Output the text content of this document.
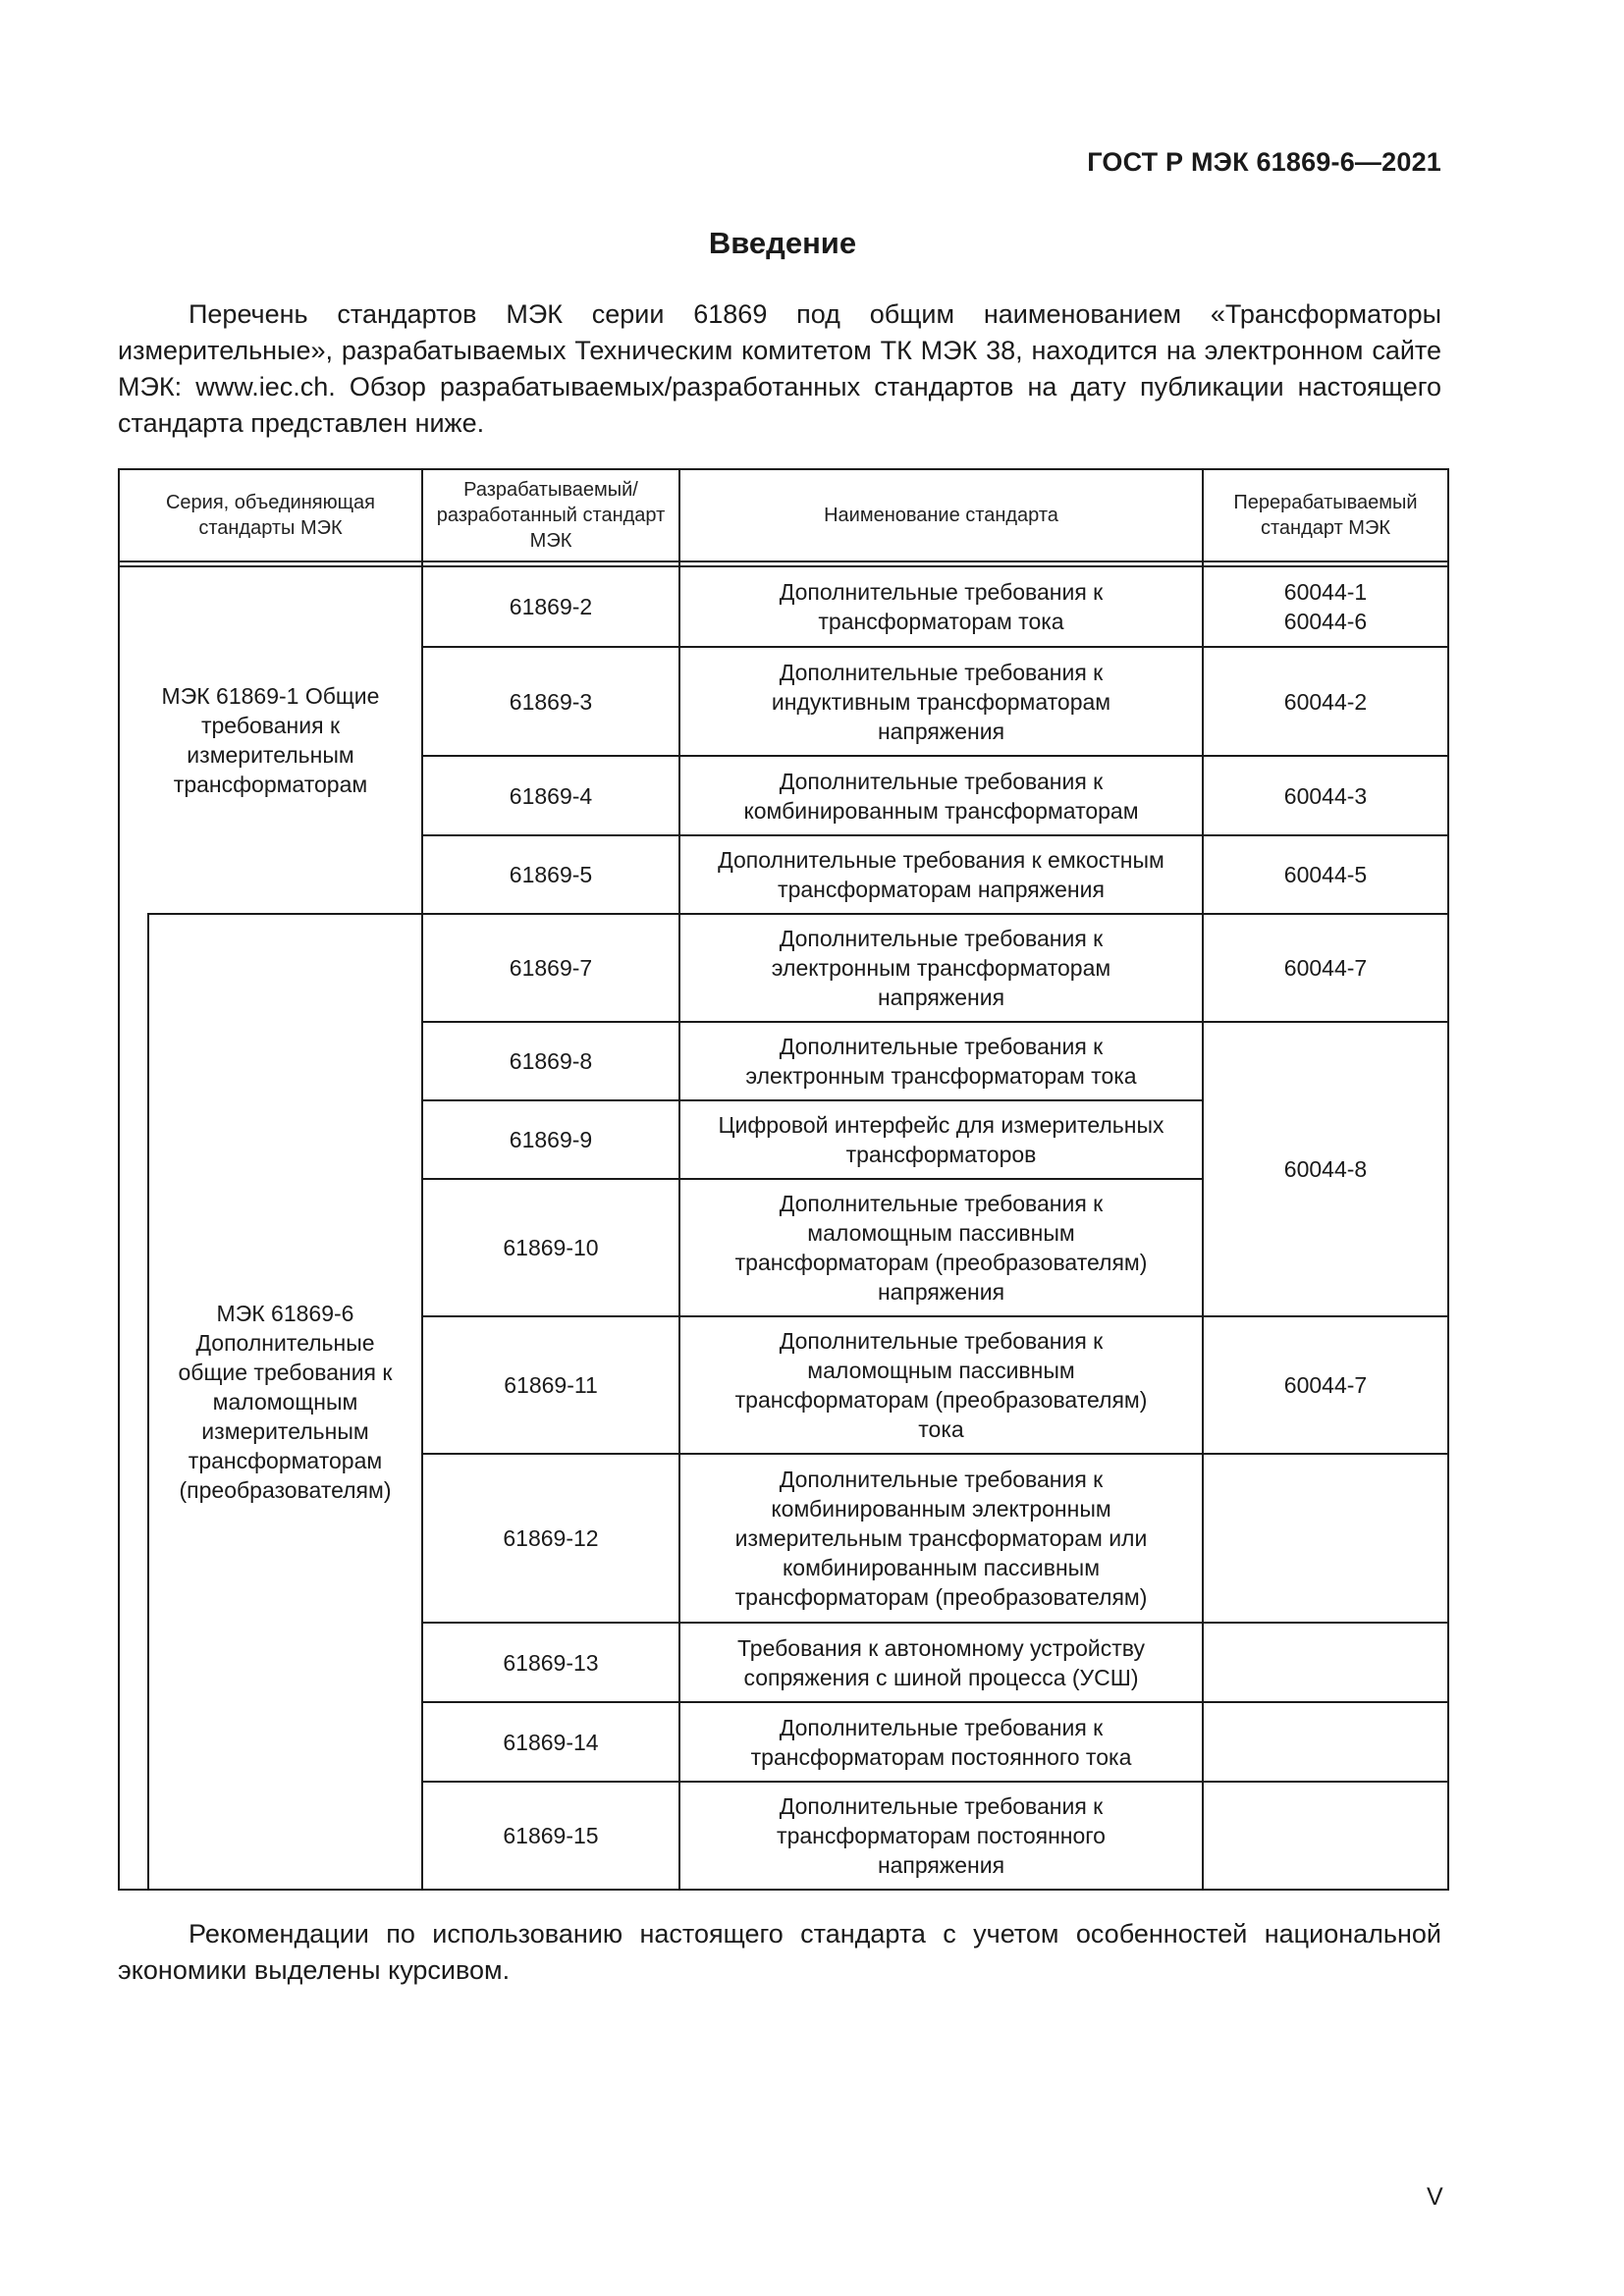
ГОСТ Р МЭК 61869-6—2021
Введение
Перечень стандартов МЭК серии 61869 под общим наименованием «Трансформаторы измерительные», разрабатываемых Техническим комитетом ТК МЭК 38, находится на электронном сайте МЭК: www.iec.ch. Обзор разрабатываемых/разработанных стандартов на дату публикации настоящего стандарта представлен ниже.
Серия, объединяющая стандарты МЭК
Разрабатываемый/ разработанный стандарт МЭК
Наименование стандарта
Перерабатываемый стандарт МЭК
МЭК 61869-1 Общие требования к измерительным трансформаторам
МЭК 61869-6 Дополнительные общие требования к маломощным измерительным трансформаторам (преобразователям)
61869-2
61869-3
61869-4
61869-5
61869-7
61869-8
61869-9
61869-10
61869-11
61869-12
61869-13
61869-14
61869-15
Дополнительные требования к трансформаторам тока
Дополнительные требования к индуктивным трансформаторам напряжения
Дополнительные требования к комбинированным трансформаторам
Дополнительные требования к емкостным трансформаторам напряжения
Дополнительные требования к электронным трансформаторам напряжения
Дополнительные требования к электронным трансформаторам тока
Цифровой интерфейс для измерительных трансформаторов
Дополнительные требования к маломощным пассивным трансформаторам (преобразователям) напряжения
Дополнительные требования к маломощным пассивным трансформаторам (преобразователям) тока
Дополнительные требования к комбинированным электронным измерительным трансформаторам или комбинированным пассивным трансформаторам (преобразователям)
Требования к автономному устройству сопряжения с шиной процесса (УСШ)
Дополнительные требования к трансформаторам постоянного тока
Дополнительные требования к трансформаторам постоянного напряжения
60044-1 60044-6
60044-2
60044-3
60044-5
60044-7
60044-8
60044-7
Рекомендации по использованию настоящего стандарта с учетом особенностей национальной экономики выделены курсивом.
V
